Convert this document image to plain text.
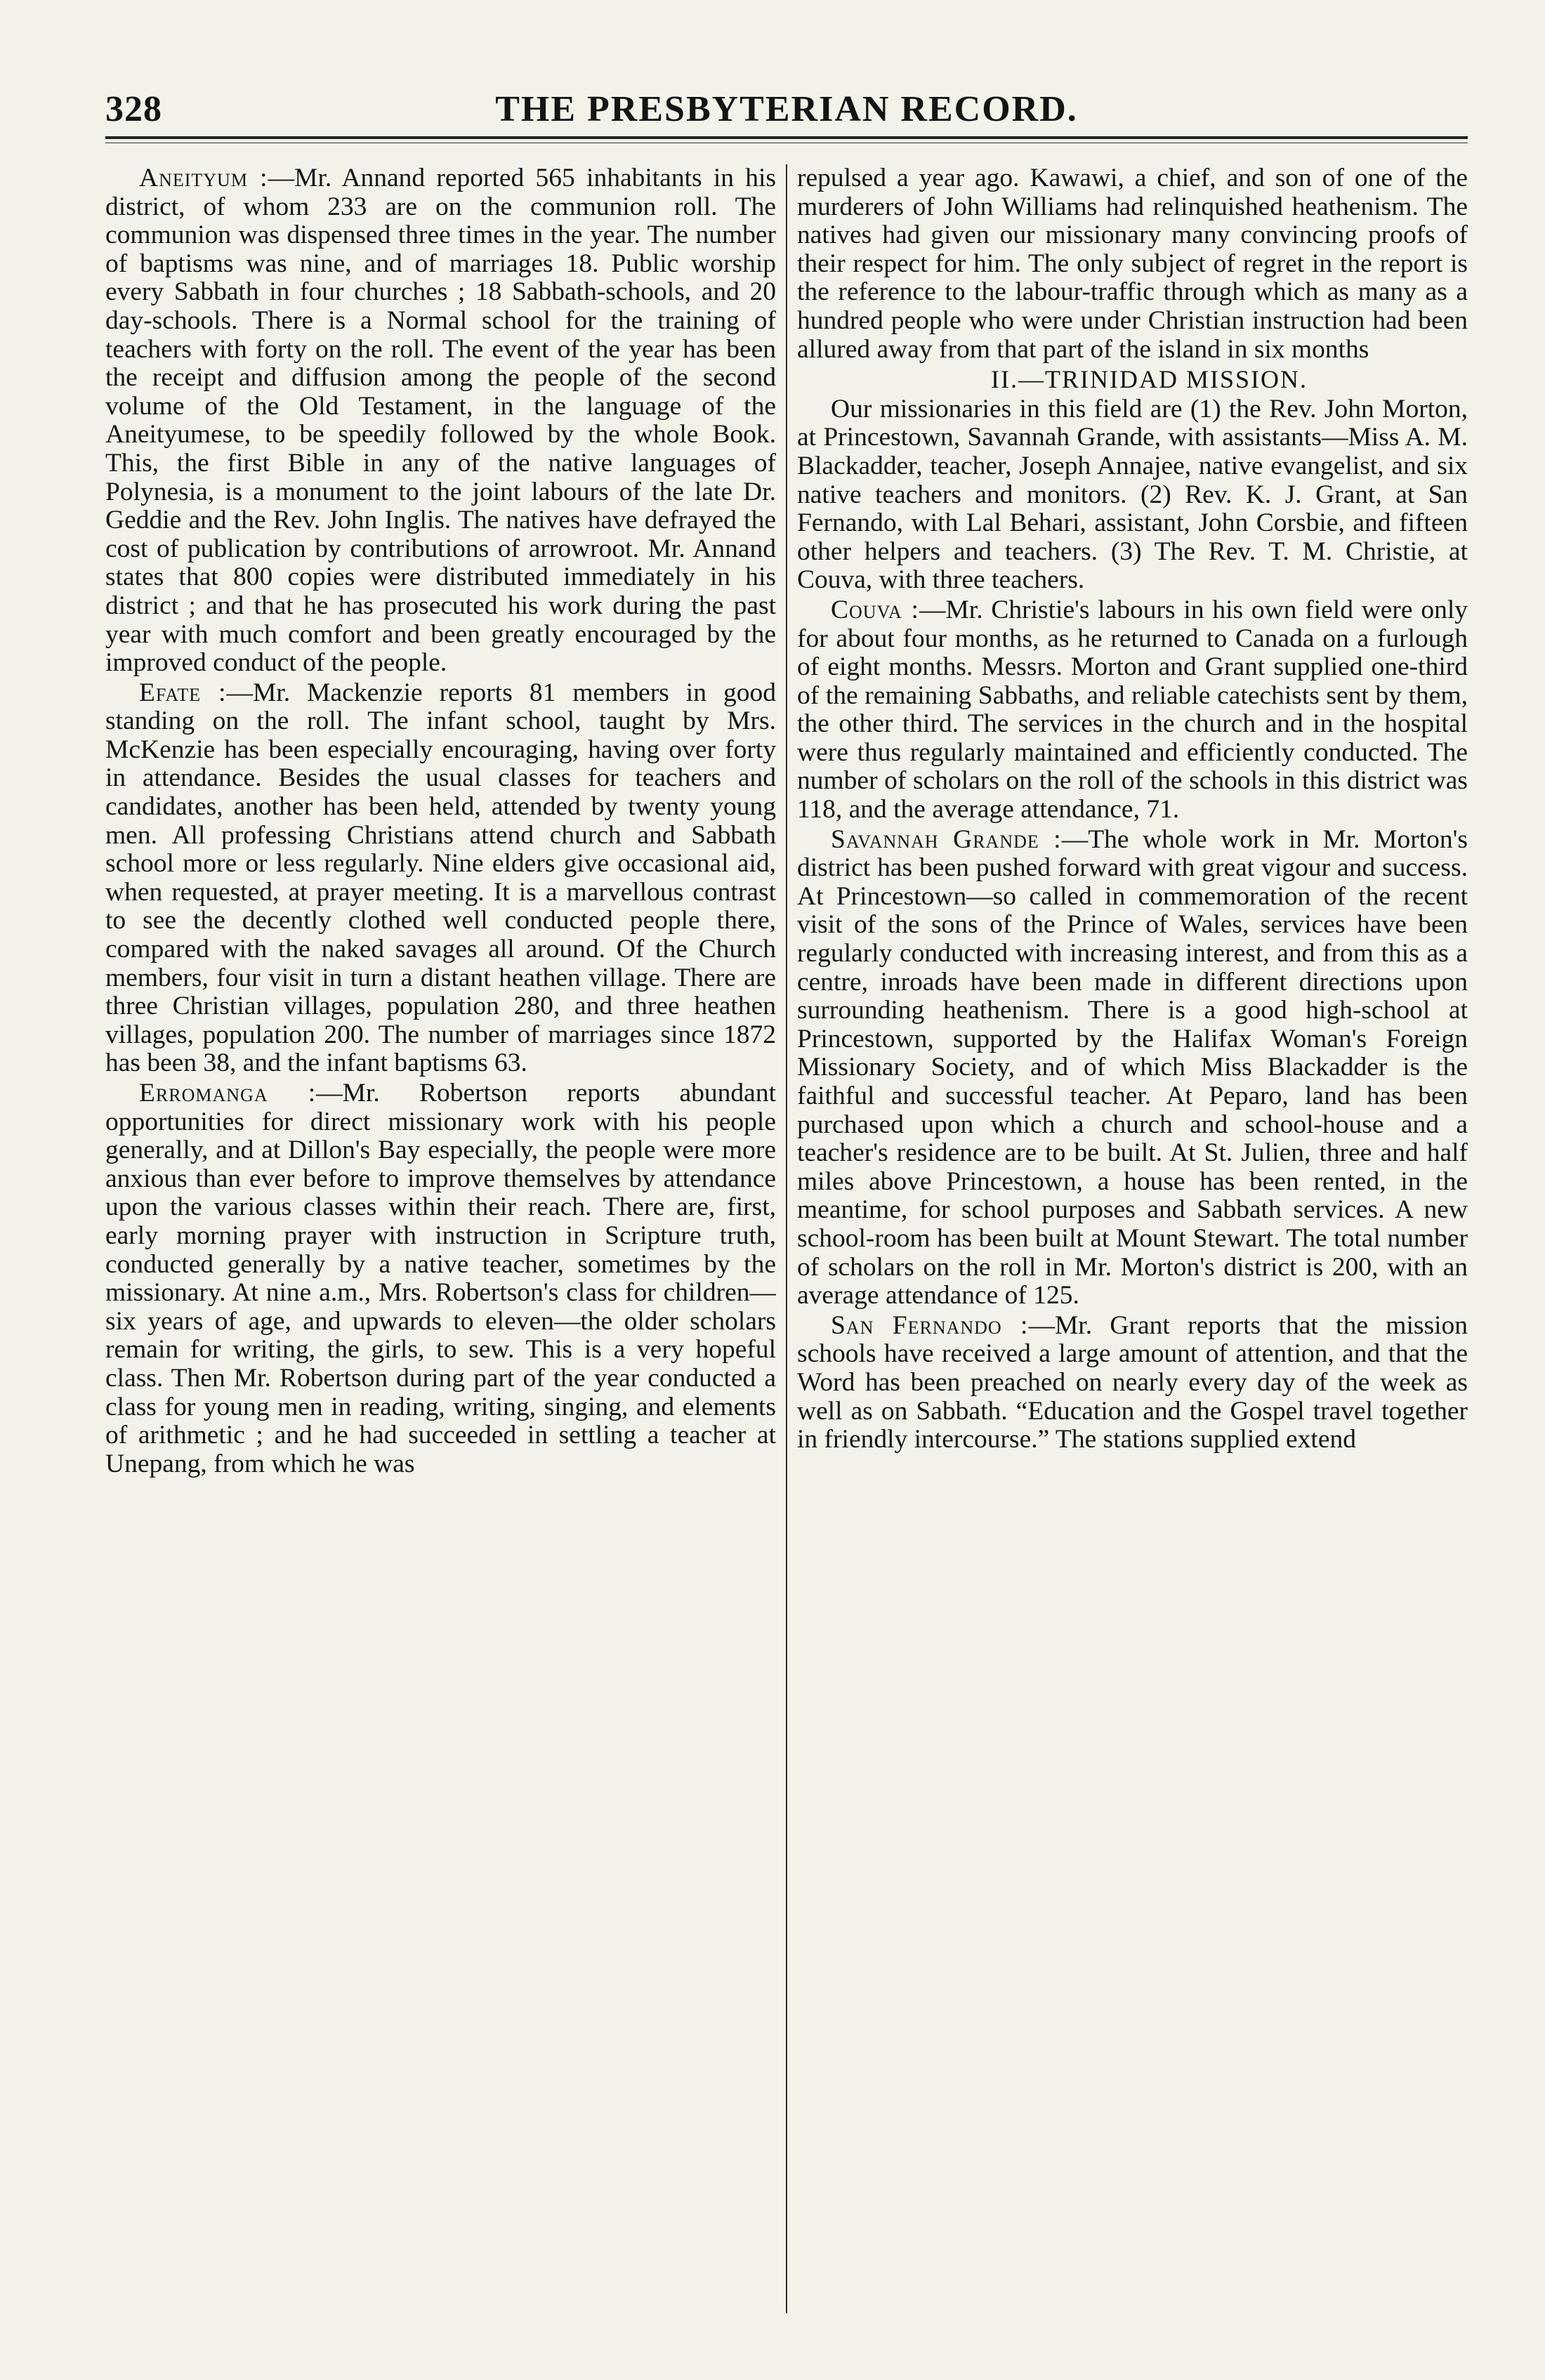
328	THE PRESBYTERIAN RECORD.

Aneityum :—Mr. Annand reported 565 inhabitants in his district, of whom 233 are on the communion roll. The communion was dispensed three times in the year. The number of baptisms was nine, and of marriages 18. Public worship every Sabbath in four churches ; 18 Sabbath-schools, and 20 day-schools. There is a Normal school for the training of teachers with forty on the roll. The event of the year has been the receipt and diffusion among the people of the second volume of the Old Testament, in the language of the Aneityumese, to be speedily followed by the whole Book. This, the first Bible in any of the native languages of Polynesia, is a monument to the joint labours of the late Dr. Geddie and the Rev. John Inglis. The natives have defrayed the cost of publication by contributions of arrowroot. Mr. Annand states that 800 copies were distributed immediately in his district ; and that he has prosecuted his work during the past year with much comfort and been greatly encouraged by the improved conduct of the people.

Efate :—Mr. Mackenzie reports 81 members in good standing on the roll. The infant school, taught by Mrs. McKenzie has been especially encouraging, having over forty in attendance. Besides the usual classes for teachers and candidates, another has been held, attended by twenty young men. All professing Christians attend church and Sabbath school more or less regularly. Nine elders give occasional aid, when requested, at prayer meeting. It is a marvellous contrast to see the decently clothed well conducted people there, compared with the naked savages all around. Of the Church members, four visit in turn a distant heathen village. There are three Christian villages, population 280, and three heathen villages, population 200. The number of marriages since 1872 has been 38, and the infant baptisms 63.

Erromanga :—Mr. Robertson reports abundant opportunities for direct missionary work with his people generally, and at Dillon's Bay especially, the people were more anxious than ever before to improve themselves by attendance upon the various classes within their reach. There are, first, early morning prayer with instruction in Scripture truth, conducted generally by a native teacher, sometimes by the missionary. At nine a.m., Mrs. Robertson's class for children—six years of age, and upwards to eleven—the older scholars remain for writing, the girls, to sew. This is a very hopeful class. Then Mr. Robertson during part of the year conducted a class for young men in reading, writing, singing, and elements of arithmetic ; and he had succeeded in settling a teacher at Unepang, from which he was

repulsed a year ago. Kawawi, a chief, and son of one of the murderers of John Williams had relinquished heathenism. The natives had given our missionary many convincing proofs of their respect for him. The only subject of regret in the report is the reference to the labour-traffic through which as many as a hundred people who were under Christian instruction had been allured away from that part of the island in six months

II.—TRINIDAD MISSION.

Our missionaries in this field are (1) the Rev. John Morton, at Princestown, Savannah Grande, with assistants—Miss A. M. Blackadder, teacher, Joseph Annajee, native evangelist, and six native teachers and monitors. (2) Rev. K. J. Grant, at San Fernando, with Lal Behari, assistant, John Corsbie, and fifteen other helpers and teachers. (3) The Rev. T. M. Christie, at Couva, with three teachers.

Couva :—Mr. Christie's labours in his own field were only for about four months, as he returned to Canada on a furlough of eight months. Messrs. Morton and Grant supplied one-third of the remaining Sabbaths, and reliable catechists sent by them, the other third. The services in the church and in the hospital were thus regularly maintained and efficiently conducted. The number of scholars on the roll of the schools in this district was 118, and the average attendance, 71.

Savannah Grande :—The whole work in Mr. Morton's district has been pushed forward with great vigour and success. At Princestown—so called in commemoration of the recent visit of the sons of the Prince of Wales, services have been regularly conducted with increasing interest, and from this as a centre, inroads have been made in different directions upon surrounding heathenism. There is a good high-school at Princestown, supported by the Halifax Woman's Foreign Missionary Society, and of which Miss Blackadder is the faithful and successful teacher. At Peparo, land has been purchased upon which a church and school-house and a teacher's residence are to be built. At St. Julien, three and half miles above Princestown, a house has been rented, in the meantime, for school purposes and Sabbath services. A new school-room has been built at Mount Stewart. The total number of scholars on the roll in Mr. Morton's district is 200, with an average attendance of 125.

San Fernando :—Mr. Grant reports that the mission schools have received a large amount of attention, and that the Word has been preached on nearly every day of the week as well as on Sabbath. “Education and the Gospel travel together in friendly intercourse.” The stations supplied extend
